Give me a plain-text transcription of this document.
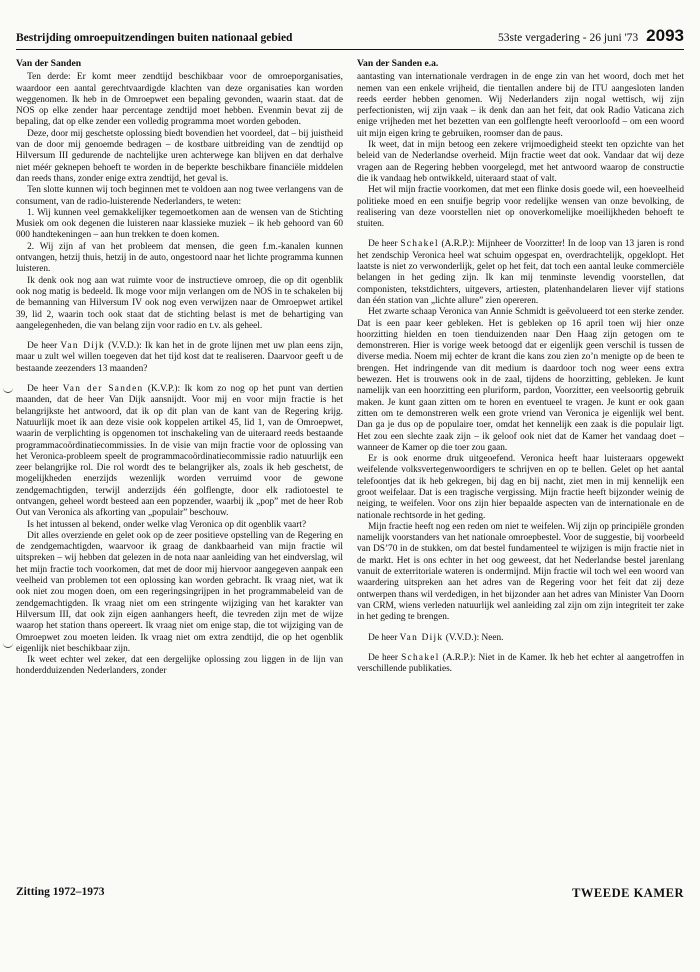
Bestrijding omroepuitzendingen buiten nationaal gebied	53ste vergadering - 26 juni '73 2093

Van der Sanden

Ten derde: Er komt meer zendtijd beschikbaar voor de omroeporganisaties, waardoor een aantal gerechtvaardigde klachten van deze organisaties kan worden weggenomen. Ik heb in de Omroepwet een bepaling gevonden, waarin staat. dat de NOS op elke zender haar percentage zendtijd moet hebben. Evenmin bevat zij de bepaling, dat op elke zender een volledig programma moet worden geboden.

Deze, door mij geschetste oplossing biedt bovendien het voordeel, dat – bij juistheid van de door mij genoemde bedragen – de kostbare uitbreiding van de zendtijd op Hilversum III gedurende de nachtelijke uren achterwege kan blijven en dat derhalve niet méér geknepen behoeft te worden in de beperkte beschikbare financiële middelen dan reeds thans, zonder enige extra zendtijd, het geval is.

Ten slotte kunnen wij toch beginnen met te voldoen aan nog twee verlangens van de consument, van de radio-luisterende Nederlanders, te weten:

1. Wij kunnen veel gemakkelijker tegemoetkomen aan de wensen van de Stichting Musiek om ook degenen die luisteren naar klassieke muziek – ik heb gehoord van 60 000 handtekeningen – aan hun trekken te doen komen.

2. Wij zijn af van het probleem dat mensen, die geen f.m.-kanalen kunnen ontvangen, hetzij thuis, hetzij in de auto, ongestoord naar het lichte programma kunnen luisteren.

Ik denk ook nog aan wat ruimte voor de instructieve omroep, die op dit ogenblik ook nog matig is bedeeld. Ik moge voor mijn verlangen om de NOS in te schakelen bij de bemanning van Hilversum IV ook nog even verwijzen naar de Omroepwet artikel 39, lid 2, waarin toch ook staat dat de stichting belast is met de behartiging van aangelegenheden, die van belang zijn voor radio en t.v. als geheel.

De heer Van Dijk (V.V.D.): Ik kan het in de grote lijnen met uw plan eens zijn, maar u zult wel willen toegeven dat het tijd kost dat te realiseren. Daarvoor geeft u de bestaande zeezenders 13 maanden?

De heer Van der Sanden (K.V.P.): Ik kom zo nog op het punt van dertien maanden, dat de heer Van Dijk aansnijdt. Voor mij en voor mijn fractie is het belangrijkste het antwoord, dat ik op dit plan van de kant van de Regering krijg. Natuurlijk moet ik aan deze visie ook koppelen artikel 45, lid 1, van de Omroepwet, waarin de verplichting is opgenomen tot inschakeling van de uiteraard reeds bestaande programmacoördinatiecommissies. In de visie van mijn fractie voor de oplossing van het Veronica-probleem speelt de programmacoördinatiecommissie radio natuurlijk een zeer belangrijke rol. Die rol wordt des te belangrijker als, zoals ik heb geschetst, de mogelijkheden enerzijds wezenlijk worden verruimd voor de gewone zendgemachtigden, terwijl anderzijds één golflengte, door elk radiotoestel te ontvangen, geheel wordt besteed aan een popzender, waarbij ik „pop” met de heer Rob Out van Veronica als afkorting van „populair” beschouw.

Is het intussen al bekend, onder welke vlag Veronica op dit ogenblik vaart?

Dit alles overziende en gelet ook op de zeer positieve opstelling van de Regering en de zendgemachtigden, waarvoor ik graag de dankbaarheid van mijn fractie wil uitspreken – wij hebben dat gelezen in de nota naar aanleiding van het eindverslag, wil het mijn fractie toch voorkomen, dat met de door mij hiervoor aangegeven aanpak een veelheid van problemen tot een oplossing kan worden gebracht. Ik vraag niet, wat ik ook niet zou mogen doen, om een regeringsingrijpen in het programmabeleid van de zendgemachtigden. Ik vraag niet om een stringente wijziging van het karakter van Hilversum III, dat ook zijn eigen aanhangers heeft, die tevreden zijn met de wijze waarop het station thans opereert. Ik vraag niet om enige stap, die tot wijziging van de Omroepwet zou moeten leiden. Ik vraag niet om extra zendtijd, die op het ogenblik eigenlijk niet beschikbaar zijn.

Ik weet echter wel zeker, dat een dergelijke oplossing zou liggen in de lijn van honderdduizenden Nederlanders, zonder

Van der Sanden e.a.

aantasting van internationale verdragen in de enge zin van het woord, doch met het nemen van een enkele vrijheid, die tientallen andere bij de ITU aangesloten landen reeds eerder hebben genomen. Wij Nederlanders zijn nogal wettisch, wij zijn perfectionisten, wij zijn vaak – ik denk dan aan het feit, dat ook Radio Vaticana zich enige vrijheden met het bezetten van een golflengte heeft veroorloofd – om een woord uit mijn eigen kring te gebruiken, roomser dan de paus.

Ik weet, dat in mijn betoog een zekere vrijmoedigheid steekt ten opzichte van het beleid van de Nederlandse overheid. Mijn fractie weet dat ook. Vandaar dat wij deze vragen aan de Regering hebben voorgelegd, met het antwoord waarop de constructie die ik vandaag heb ontwikkeld, uiteraard staat of valt.

Het wil mijn fractie voorkomen, dat met een flinke dosis goede wil, een hoeveelheid politieke moed en een snuifje begrip voor redelijke wensen van onze bevolking, de realisering van deze voorstellen niet op onoverkomelijke moeilijkheden behoeft te stuiten.

De heer Schakel (A.R.P.): Mijnheer de Voorzitter! In de loop van 13 jaren is rond het zendschip Veronica heel wat schuim opgespat en, overdrachtelijk, opgeklopt. Het laatste is niet zo verwonderlijk, gelet op het feit, dat toch een aantal leuke commerciële belangen in het geding zijn. Ik kan mij tenminste levendig voorstellen, dat componisten, tekstdichters, uitgevers, artiesten, platenhandelaren liever vijf stations dan één station van „lichte allure” zien opereren.

Het zwarte schaap Veronica van Annie Schmidt is geëvolueerd tot een sterke zender. Dat is een paar keer gebleken. Het is gebleken op 16 april toen wij hier onze hoorzitting hielden en toen tienduizenden naar Den Haag zijn getogen om te demonstreren. Hier is vorige week betoogd dat er eigenlijk geen verschil is tussen de diverse media. Noem mij echter de krant die kans zou zien zo’n menigte op de been te brengen. Het indringende van dit medium is daardoor toch nog weer eens extra bewezen. Het is trouwens ook in de zaal, tijdens de hoorzitting, gebleken. Je kunt namelijk van een hoorzitting een pluriform, pardon, Voorzitter, een veelsoortig gebruik maken. Je kunt gaan zitten om te horen en eventueel te vragen. Je kunt er ook gaan zitten om te demonstreren welk een grote vriend van Veronica je eigenlijk wel bent. Dan ga je dus op de populaire toer, omdat het kennelijk een zaak is die populair ligt. Het zou een slechte zaak zijn – ik geloof ook niet dat de Kamer het vandaag doet – wanneer de Kamer op die toer zou gaan.

Er is ook enorme druk uitgeoefend. Veronica heeft haar luisteraars opgewekt weifelende volksvertegenwoordigers te schrijven en op te bellen. Gelet op het aantal telefoontjes dat ik heb gekregen, bij dag en bij nacht, ziet men in mij kennelijk een groot weifelaar. Dat is een tragische vergissing. Mijn fractie heeft bijzonder weinig de neiging, te weifelen. Voor ons zijn hier bepaalde aspecten van de internationale en de nationale rechtsorde in het geding.

Mijn fractie heeft nog een reden om niet te weifelen. Wij zijn op principiële gronden namelijk voorstanders van het nationale omroepbestel. Voor de suggestie, bij voorbeeld van DS’70 in de stukken, om dat bestel fundamenteel te wijzigen is mijn fractie niet in de markt. Het is ons echter in het oog geweest, dat het Nederlandse bestel jarenlang vanuit de exterritoriale wateren is ondermijnd. Mijn fractie wil toch wel een woord van waardering uitspreken aan het adres van de Regering voor het feit dat zij deze ontwerpen thans wil verdedigen, in het bijzonder aan het adres van Minister Van Doorn van CRM, wiens verleden natuurlijk wel aanleiding zal zijn om zijn integriteit ter zake in het geding te brengen.

De heer Van Dijk (V.V.D.): Neen.

De heer Schakel (A.R.P.): Niet in de Kamer. Ik heb het echter al aangetroffen in verschillende publikaties.

Zitting 1972–1973	TWEEDE KAMER
